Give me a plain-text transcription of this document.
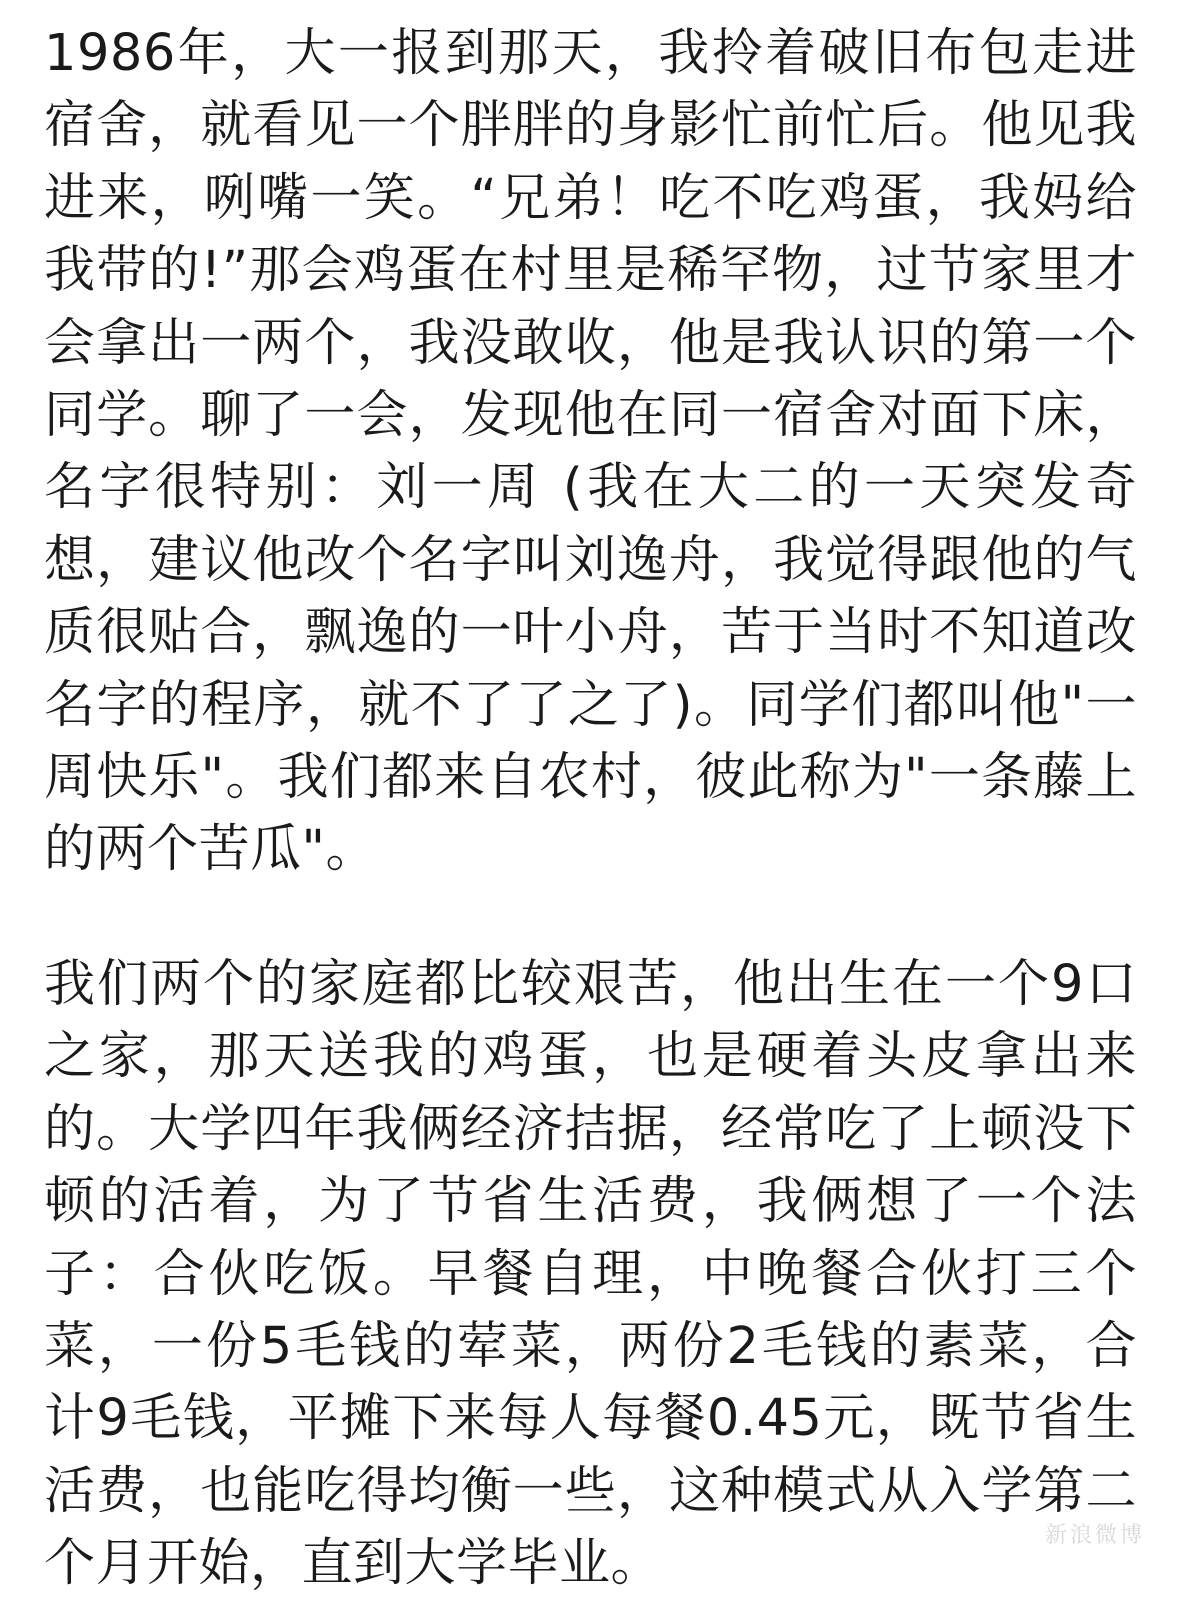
1986年，大一报到那天，我拎着破旧布包走进宿舍，就看见一个胖胖的身影忙前忙后。他见我进来，咧嘴一笑。“兄弟！吃不吃鸡蛋，我妈给我带的!”那会鸡蛋在村里是稀罕物，过节家里才会拿出一两个，我没敢收，他是我认识的第一个同学。聊了一会，发现他在同一宿舍对面下床，名字很特别：刘一周 (我在大二的一天突发奇想，建议他改个名字叫刘逸舟，我觉得跟他的气质很贴合，飘逸的一叶小舟，苦于当时不知道改名字的程序，就不了了之了)。同学们都叫他"一周快乐"。我们都来自农村，彼此称为"一条藤上的两个苦瓜"。

我们两个的家庭都比较艰苦，他出生在一个9口之家，那天送我的鸡蛋，也是硬着头皮拿出来的。大学四年我俩经济拮据，经常吃了上顿没下顿的活着，为了节省生活费，我俩想了一个法子：合伙吃饭。早餐自理，中晚餐合伙打三个菜，一份5毛钱的荤菜，两份2毛钱的素菜，合计9毛钱，平摊下来每人每餐0.45元，既节省生活费，也能吃得均衡一些，这种模式从入学第二个月开始，直到大学毕业。	新浪微博
